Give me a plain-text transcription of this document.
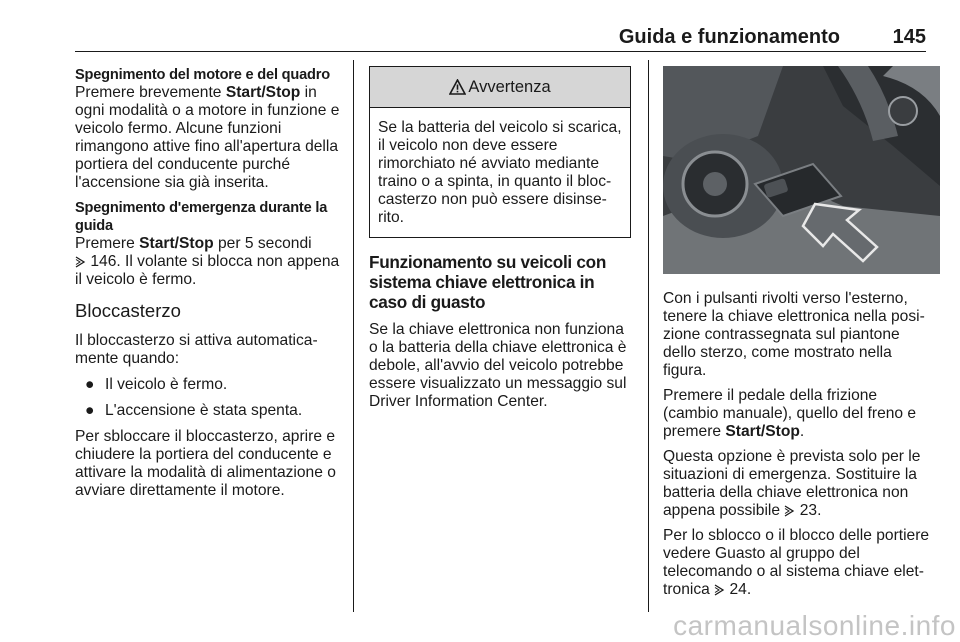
Guida e funzionamento	145
Spegnimento del motore e del quadro

Premere brevemente Start/Stop in ogni modalità o a motore in funzione e veicolo fermo. Alcune funzioni rimangono attive fino all'apertura della portiera del conducente purché l'accensione sia già inserita.

Spegnimento d'emergenza durante la guida

Premere Start/Stop per 5 secondi
146. Il volante si blocca non appena il veicolo è fermo.

Bloccasterzo

Il bloccasterzo si attiva automatica-mente quando:

● Il veicolo è fermo.
● L'accensione è stata spenta.

Per sbloccare il bloccasterzo, aprire e chiudere la portiera del conducente e attivare la modalità di alimentazione o avviare direttamente il motore.

Avvertenza
Se la batteria del veicolo si scarica, il veicolo non deve essere rimorchiato né avviato mediante traino o a spinta, in quanto il bloc-casterzo non può essere disinse-rito.
Funzionamento su veicoli con sistema chiave elettronica in caso di guasto

Se la chiave elettronica non funziona o la batteria della chiave elettronica è debole, all'avvio del veicolo potrebbe essere visualizzato un messaggio sul Driver Information Center.

Con i pulsanti rivolti verso l'esterno, tenere la chiave elettronica nella posi-zione contrassegnata sul piantone dello sterzo, come mostrato nella figura.

Premere il pedale della frizione (cambio manuale), quello del freno e premere Start/Stop.

Questa opzione è prevista solo per le situazioni di emergenza. Sostituire la batteria della chiave elettronica non appena possibile 23.

Per lo sblocco o il blocco delle portiere vedere Guasto al gruppo del telecomando o al sistema chiave elet-tronica 24.

carmanualsonline.info
